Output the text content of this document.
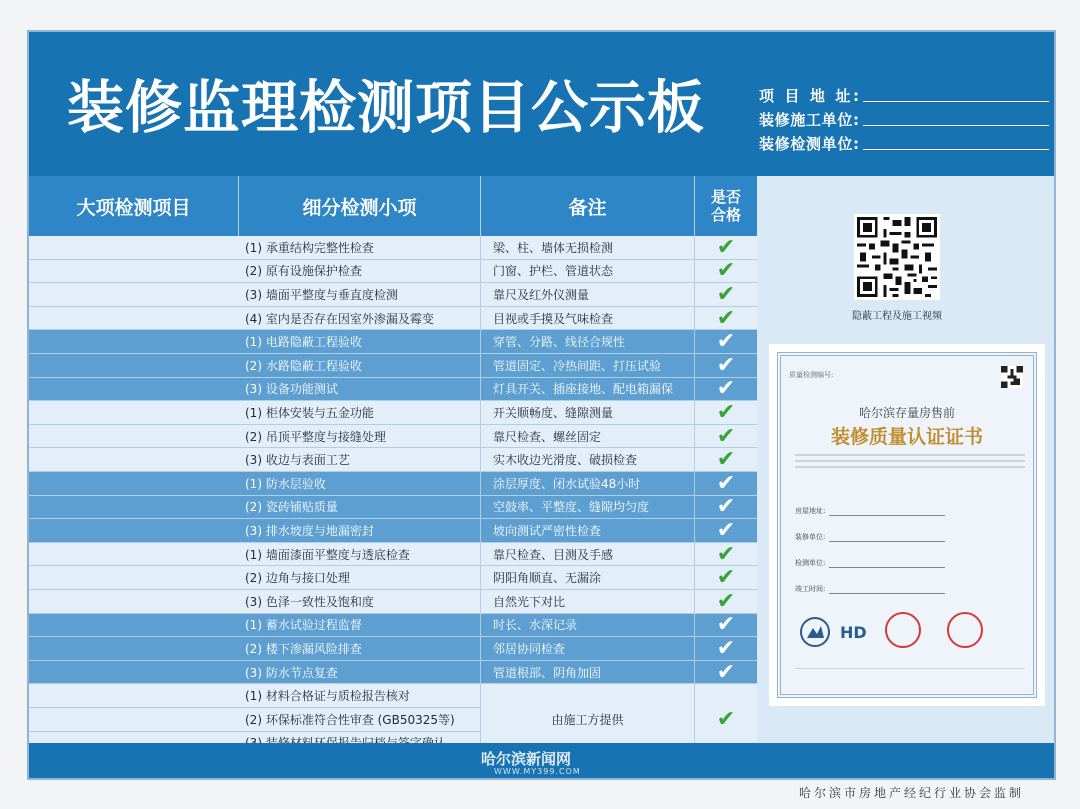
装修监理检测项目公示板	项 目 地 址:
装修施工单位:
装修检测单位:
大项检测项目	细分检测小项	备注	是否合格
(1) 承重结构完整性检查	梁、柱、墙体无损检测	✔
(2) 原有设施保护检查	门窗、护栏、管道状态	✔
(3) 墙面平整度与垂直度检测	靠尺及红外仪测量	✔
(4) 室内是否存在因室外渗漏及霉变	目视或手摸及气味检查	✔
(1) 电路隐蔽工程验收	穿管、分路、线径合规性	✔
(2) 水路隐蔽工程验收	管道固定、冷热间距、打压试验	✔
(3) 设备功能测试	灯具开关、插座接地、配电箱漏保	✔
(1) 柜体安装与五金功能	开关顺畅度、缝隙测量	✔
(2) 吊顶平整度与接缝处理	靠尺检查、螺丝固定	✔
(3) 收边与表面工艺	实木收边光滑度、破损检查	✔
(1) 防水层验收	涂层厚度、闭水试验48小时	✔
(2) 瓷砖铺贴质量	空鼓率、平整度、缝隙均匀度	✔
(3) 排水坡度与地漏密封	坡向测试严密性检查	✔
(1) 墙面漆面平整度与透底检查	靠尺检查、目测及手感	✔
(2) 边角与接口处理	阴阳角顺直、无漏涂	✔
(3) 色泽一致性及饱和度	自然光下对比	✔
(1) 蓄水试验过程监督	时长、水深记录	✔
(2) 楼下渗漏风险排查	邻居协同检查	✔
(3) 防水节点复查	管道根部、阴角加固	✔
(1) 材料合格证与质检报告核对
(2) 环保标准符合性审查 (GB50325等)	由施工方提供	✔
隐蔽工程及施工视频
质量检测编号:
哈尔滨存量房售前
装修质量认证证书
房屋地址:
装修单位:
检测单位:
竣工时间:
HD
哈尔滨新闻网
WWW.MY399.COM
哈尔滨市房地产经纪行业协会监制
